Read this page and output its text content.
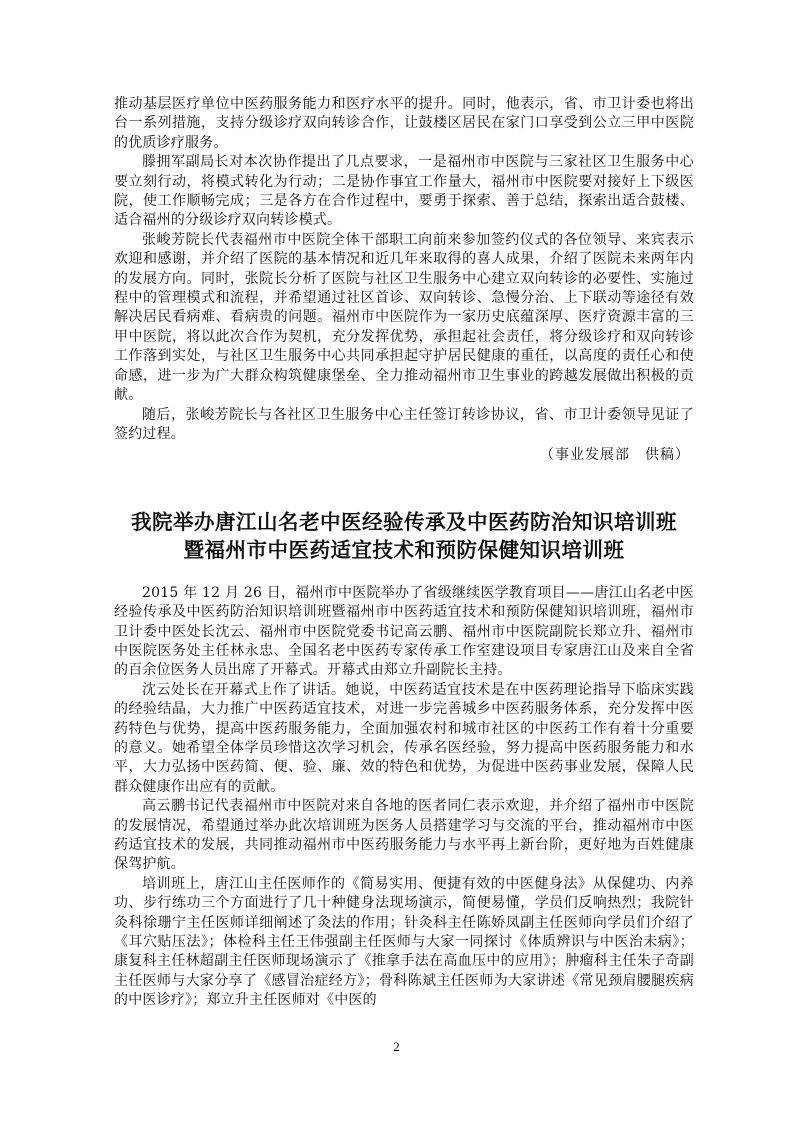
推动基层医疗单位中医药服务能力和医疗水平的提升。同时，他表示，省、市卫计委也将出台一系列措施，支持分级诊疗双向转诊合作，让鼓楼区居民在家门口享受到公立三甲中医院的优质诊疗服务。

滕拥军副局长对本次协作提出了几点要求，一是福州市中医院与三家社区卫生服务中心要立刻行动，将模式转化为行动；二是协作事宜工作量大，福州市中医院要对接好上下级医院，使工作顺畅完成；三是各方在合作过程中，要勇于探索、善于总结，探索出适合鼓楼、适合福州的分级诊疗双向转诊模式。

张峻芳院长代表福州市中医院全体干部职工向前来参加签约仪式的各位领导、来宾表示欢迎和感谢，并介绍了医院的基本情况和近几年来取得的喜人成果，介绍了医院未来两年内的发展方向。同时，张院长分析了医院与社区卫生服务中心建立双向转诊的必要性、实施过程中的管理模式和流程，并希望通过社区首诊、双向转诊、急慢分治、上下联动等途径有效解决居民看病难、看病贵的问题。福州市中医院作为一家历史底蕴深厚、医疗资源丰富的三甲中医院，将以此次合作为契机，充分发挥优势，承担起社会责任，将分级诊疗和双向转诊工作落到实处，与社区卫生服务中心共同承担起守护居民健康的重任，以高度的责任心和使命感，进一步为广大群众构筑健康堡垒、全力推动福州市卫生事业的跨越发展做出积极的贡献。

随后，张峻芳院长与各社区卫生服务中心主任签订转诊协议，省、市卫计委领导见证了签约过程。

（事业发展部　供稿）

我院举办唐江山名老中医经验传承及中医药防治知识培训班
暨福州市中医药适宜技术和预防保健知识培训班

2015 年 12 月 26 日，福州市中医院举办了省级继续医学教育项目——唐江山名老中医经验传承及中医药防治知识培训班暨福州市中医药适宜技术和预防保健知识培训班，福州市卫计委中医处长沈云、福州市中医院党委书记高云鹏、福州市中医院副院长郑立升、福州市中医院医务处主任林永忠、全国名老中医药专家传承工作室建设项目专家唐江山及来自全省的百余位医务人员出席了开幕式。开幕式由郑立升副院长主持。

沈云处长在开幕式上作了讲话。她说，中医药适宜技术是在中医药理论指导下临床实践的经验结晶，大力推广中医药适宜技术，对进一步完善城乡中医药服务体系，充分发挥中医药特色与优势，提高中医药服务能力，全面加强农村和城市社区的中医药工作有着十分重要的意义。她希望全体学员珍惜这次学习机会，传承名医经验，努力提高中医药服务能力和水平，大力弘扬中医药简、便、验、廉、效的特色和优势，为促进中医药事业发展，保障人民群众健康作出应有的贡献。

高云鹏书记代表福州市中医院对来自各地的医者同仁表示欢迎，并介绍了福州市中医院的发展情况，希望通过举办此次培训班为医务人员搭建学习与交流的平台，推动福州市中医药适宜技术的发展，共同推动福州市中医药服务能力与水平再上新台阶，更好地为百姓健康保驾护航。

培训班上，唐江山主任医师作的《简易实用、便捷有效的中医健身法》从保健功、内养功、步行练功三个方面进行了几十种健身法现场演示，简便易懂，学员们反响热烈；我院针灸科徐珊宁主任医师详细阐述了灸法的作用；针灸科主任陈娇凤副主任医师向学员们介绍了《耳穴贴压法》；体检科主任王伟强副主任医师与大家一同探讨《体质辨识与中医治未病》；康复科主任林超副主任医师现场演示了《推拿手法在高血压中的应用》；肿瘤科主任朱子奇副主任医师与大家分享了《感冒治症经方》；骨科陈斌主任医师为大家讲述《常见颈肩腰腿疾病的中医诊疗》；郑立升主任医师对《中医的

2
